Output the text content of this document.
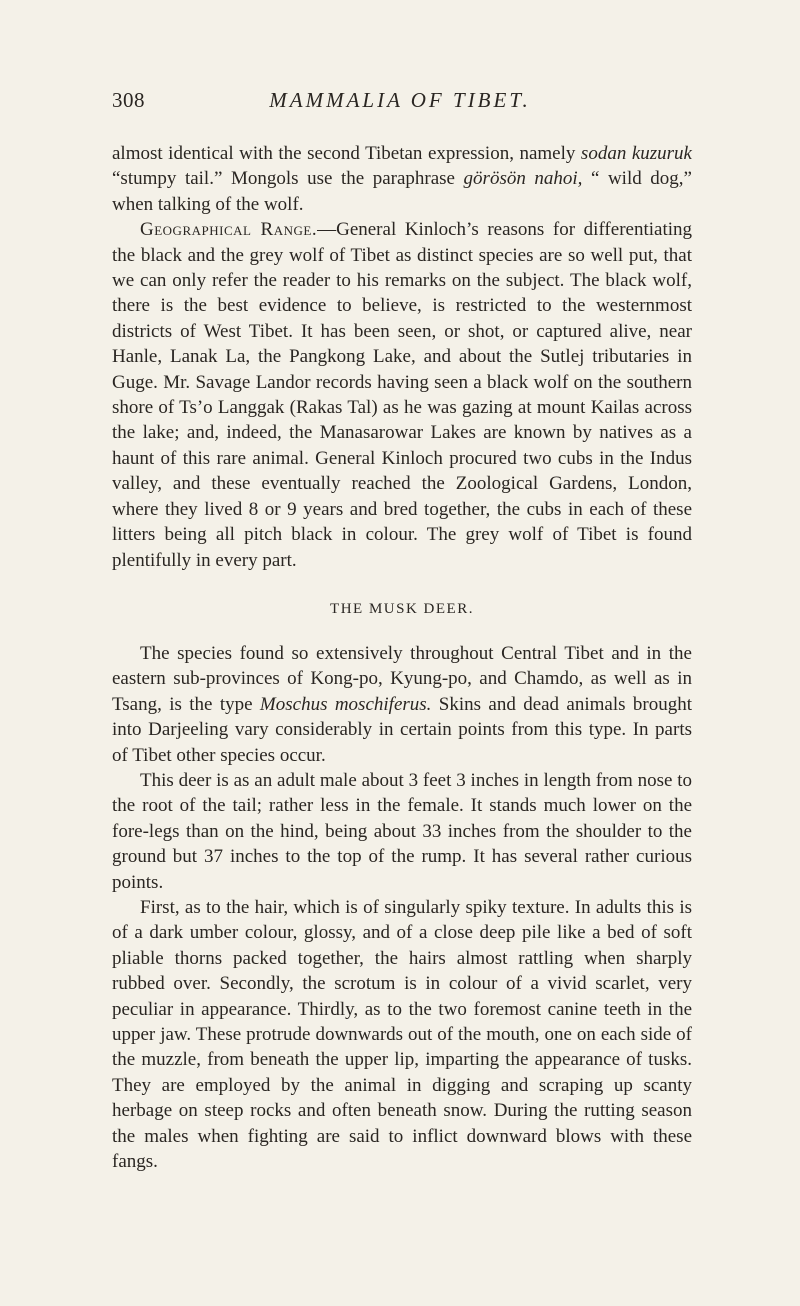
308	MAMMALIA OF TIBET.

almost identical with the second Tibetan expression, namely sodan kuzuruk “stumpy tail.” Mongols use the paraphrase görösön nahoi, “ wild dog,” when talking of the wolf.

Geographical Range.—General Kinloch’s reasons for differentiating the black and the grey wolf of Tibet as distinct species are so well put, that we can only refer the reader to his remarks on the subject. The black wolf, there is the best evidence to believe, is restricted to the westernmost districts of West Tibet. It has been seen, or shot, or captured alive, near Hanle, Lanak La, the Pangkong Lake, and about the Sutlej tributaries in Guge. Mr. Savage Landor records having seen a black wolf on the southern shore of Ts’o Langgak (Rakas Tal) as he was gazing at mount Kailas across the lake; and, indeed, the Manasarowar Lakes are known by natives as a haunt of this rare animal. General Kinloch procured two cubs in the Indus valley, and these eventually reached the Zoological Gardens, London, where they lived 8 or 9 years and bred together, the cubs in each of these litters being all pitch black in colour. The grey wolf of Tibet is found plentifully in every part.

THE MUSK DEER.

The species found so extensively throughout Central Tibet and in the eastern sub-provinces of Kong-po, Kyung-po, and Chamdo, as well as in Tsang, is the type Moschus moschiferus. Skins and dead animals brought into Darjeeling vary considerably in certain points from this type. In parts of Tibet other species occur.

This deer is as an adult male about 3 feet 3 inches in length from nose to the root of the tail; rather less in the female. It stands much lower on the fore-legs than on the hind, being about 33 inches from the shoulder to the ground but 37 inches to the top of the rump. It has several rather curious points.

First, as to the hair, which is of singularly spiky texture. In adults this is of a dark umber colour, glossy, and of a close deep pile like a bed of soft pliable thorns packed together, the hairs almost rattling when sharply rubbed over. Secondly, the scrotum is in colour of a vivid scarlet, very peculiar in appearance. Thirdly, as to the two foremost canine teeth in the upper jaw. These protrude downwards out of the mouth, one on each side of the muzzle, from beneath the upper lip, imparting the appearance of tusks. They are employed by the animal in digging and scraping up scanty herbage on steep rocks and often beneath snow. During the rutting season the males when fighting are said to inflict downward blows with these fangs.
